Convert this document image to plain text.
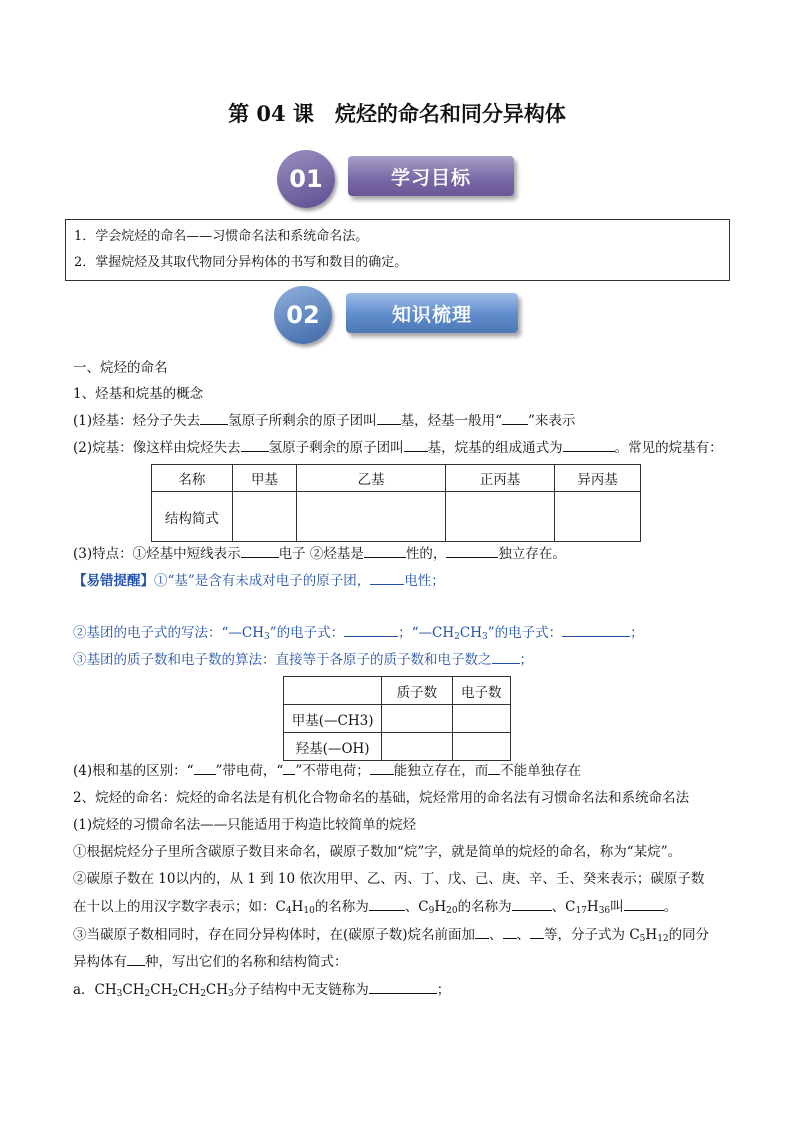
第 04 课　烷烃的命名和同分异构体
学习目标
01
1．学会烷烃的命名——习惯命名法和系统命名法。
2．掌握烷烃及其取代物同分异构体的书写和数目的确定。
知识梳理
02
一、烷烃的命名
1、烃基和烷基的概念
(1)烃基：烃分子失去 氢原子所剩余的原子团叫 基，烃基一般用“ ”来表示
(2)烷基：像这样由烷烃失去 氢原子剩余的原子团叫 基，烷基的组成通式为	。常见的烷基有：
名称	甲基	乙基	正丙基	异丙基
结构简式				
(3)特点：①烃基中短线表示	电子 ②烃基是	性的，	独立存在。
【易错提醒】①“基”是含有未成对电子的原子团，	电性；
②基团的电子式的写法：“$—CH_3$”的电子式：	；“$—CH_2CH_3$”的电子式：	；
③基团的质子数和电子数的算法：直接等于各原子的质子数和电子数之 ；
	质子数	电子数
甲基(—CH3)		
羟基(—OH)		
(4)根和基的区别：“ ”带电荷，“ ”不带电荷； 能独立存在，而 不能单独存在
2、烷烃的命名：烷烃的命名法是有机化合物命名的基础，烷烃常用的命名法有习惯命名法和系统命名法
(1)烷烃的习惯命名法——只能适用于构造比较简单的烷烃
①根据烷烃分子里所含碳原子数目来命名，碳原子数加“烷”字，就是简单的烷烃的命名，称为“某烷”。
②碳原子数在 10以内的，从 1 到 10 依次用甲、乙、丙、丁、戊、己、庚、辛、壬、癸来表示；碳原子数
在十以上的用汉字数字表示；如：$C_4H_{10}$的名称为	、$C_9H_{20}$的名称为	、$C_{17}H_{36}$叫	。
③当碳原子数相同时，存在同分异构体时，在(碳原子数)烷名前面加 、 、 等，分子式为 $C_5H_{12}$的同分
异构体有 种，写出它们的名称和结构简式：
a．$CH_3CH_2CH_2CH_2CH_3$分子结构中无支链称为	；
